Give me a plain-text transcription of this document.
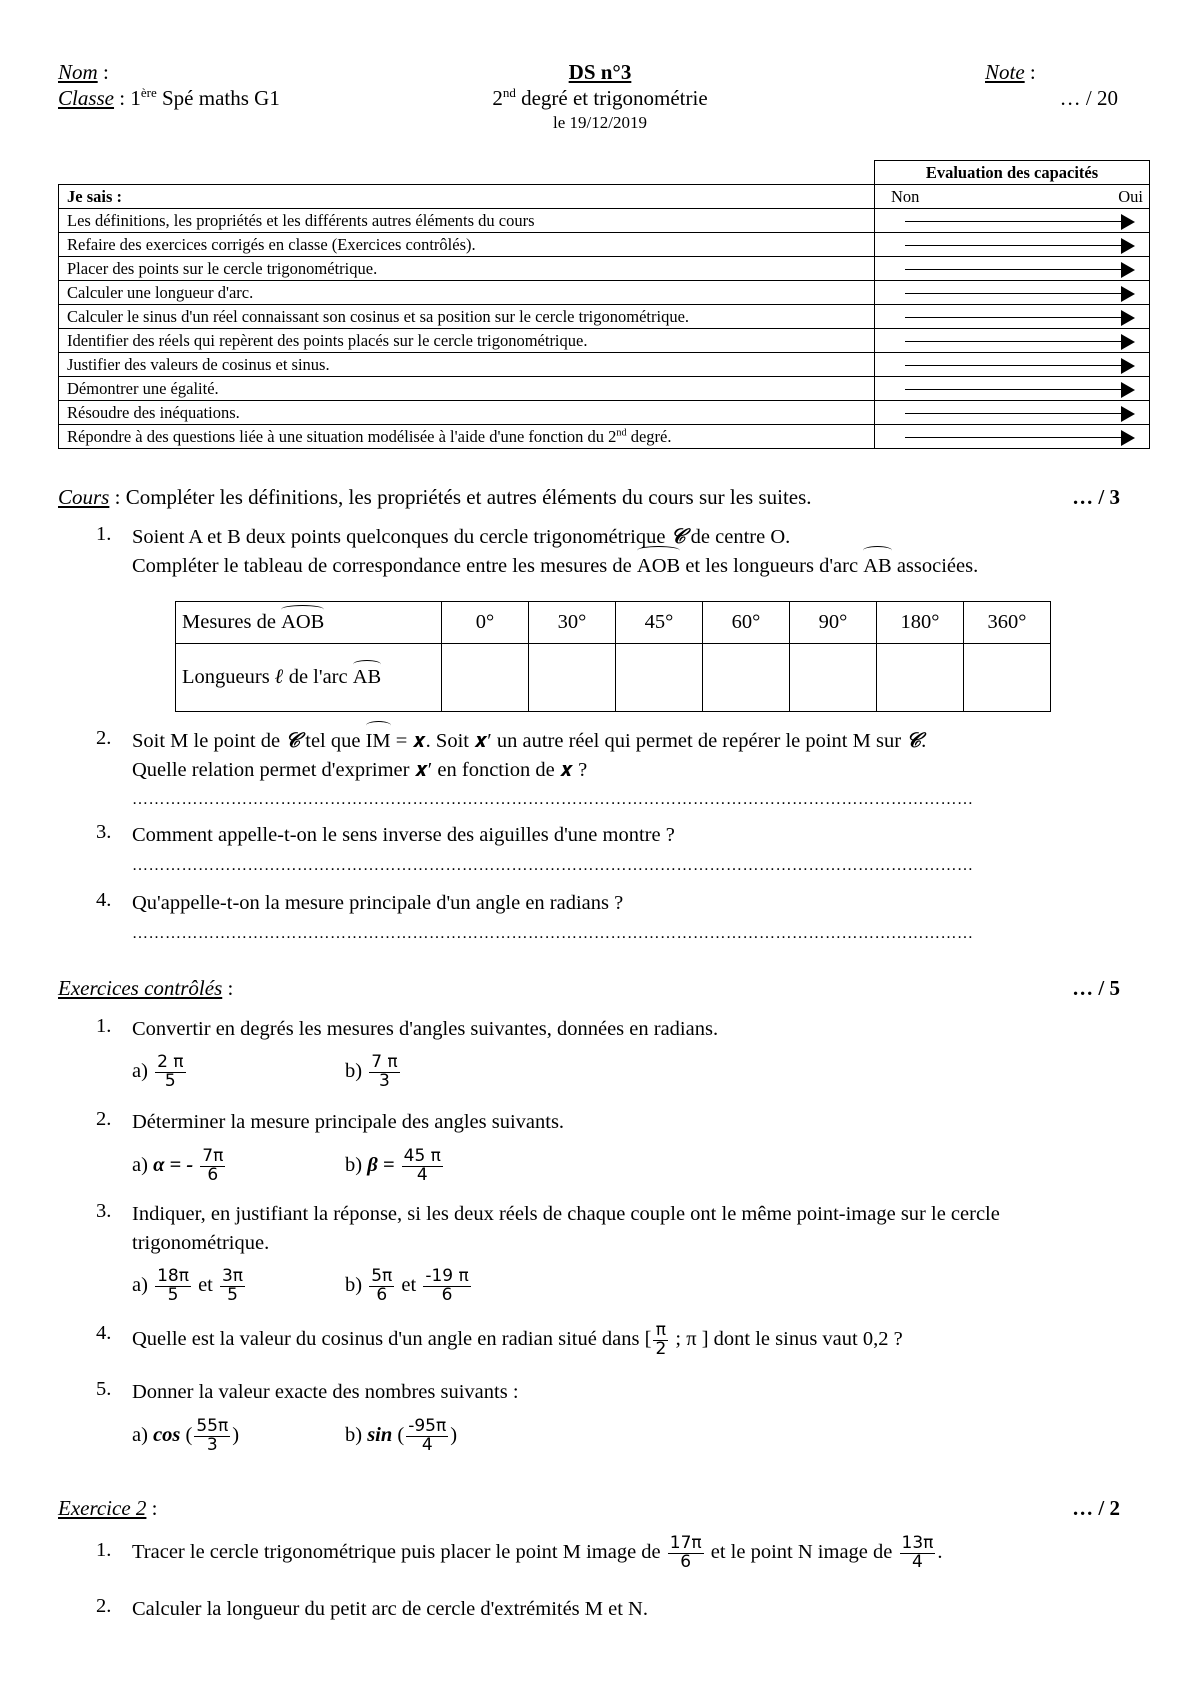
Nom :
Classe : 1ère Spé maths G1
DS n°3
2nd degré et trigonométrie
le 19/12/2019
Note :
… / 20
	Evaluation des capacités
Je sais :	Non Oui

Les définitions, les propriétés et les différents autres éléments du cours	

Refaire des exercices corrigés en classe (Exercices contrôlés).	

Placer des points sur le cercle trigonométrique.	

Calculer une longueur d'arc.	

Calculer le sinus d'un réel connaissant son cosinus et sa position sur le cercle trigonométrique.	

Identifier des réels qui repèrent des points placés sur le cercle trigonométrique.	

Justifier des valeurs de cosinus et sinus.	

Démontrer une égalité.	

Résoudre des inéquations.	

Répondre à des questions liée à une situation modélisée à l'aide d'une fonction du 2nd degré.	
Cours : Compléter les définitions, les propriétés et autres éléments du cours sur les suites.	… / 3
1. Soient A et B deux points quelconques du cercle trigonométrique 𝒞 de centre O.
Compléter le tableau de correspondance entre les mesures de AOB et les longueurs d'arc AB associées.
Mesures de AOB	0°	30°	45°	60°	90°	180°	360°
Longueurs ℓ de l'arc AB							
2. Soit M le point de 𝒞 tel que IM = 𝒙. Soit 𝒙′ un autre réel qui permet de repérer le point M sur 𝒞.
Quelle relation permet d'exprimer 𝒙′ en fonction de 𝒙 ?
………………………………………………………………………………………………………………………………………
3. Comment appelle-t-on le sens inverse des aiguilles d'une montre ?
………………………………………………………………………………………………………………………………………
4. Qu'appelle-t-on la mesure principale d'un angle en radians ?
………………………………………………………………………………………………………………………………………
Exercices contrôlés :	… / 5
1. Convertir en degrés les mesures d'angles suivantes, données en radians.
$a) \frac{2 \pi}{5}$	$b) \frac{7 \pi}{3}$
2. Déterminer la mesure principale des angles suivants.
a) α = - $\frac{7\pi}{6}$	b) $\beta = \frac{45 \pi}{4}$
3. Indiquer, en justifiant la réponse, si les deux réels de chaque couple ont le même point-image sur le cercle trigonométrique.
$a) \frac{18\pi}{5}$ et $\frac{3\pi}{5}$	$b) \frac{5\pi}{6}$ et $\frac{-19 \pi}{6}$
4. Quelle est la valeur du cosinus d'un angle en radian situé dans [ $\frac{\pi}{2}$ ; π ] dont le sinus vaut 0,2 ?
5. Donner la valeur exacte des nombres suivants :
a) cos ( $\frac{55\pi}{3}$ )	b) sin ( $\frac{-95\pi}{4}$ )
Exercice 2 :	… / 2
1. Tracer le cercle trigonométrique puis placer le point M image de $\frac{17\pi}{6}$ et le point N image de $\frac{13\pi}{4}$ .
2. Calculer la longueur du petit arc de cercle d'extrémités M et N.
